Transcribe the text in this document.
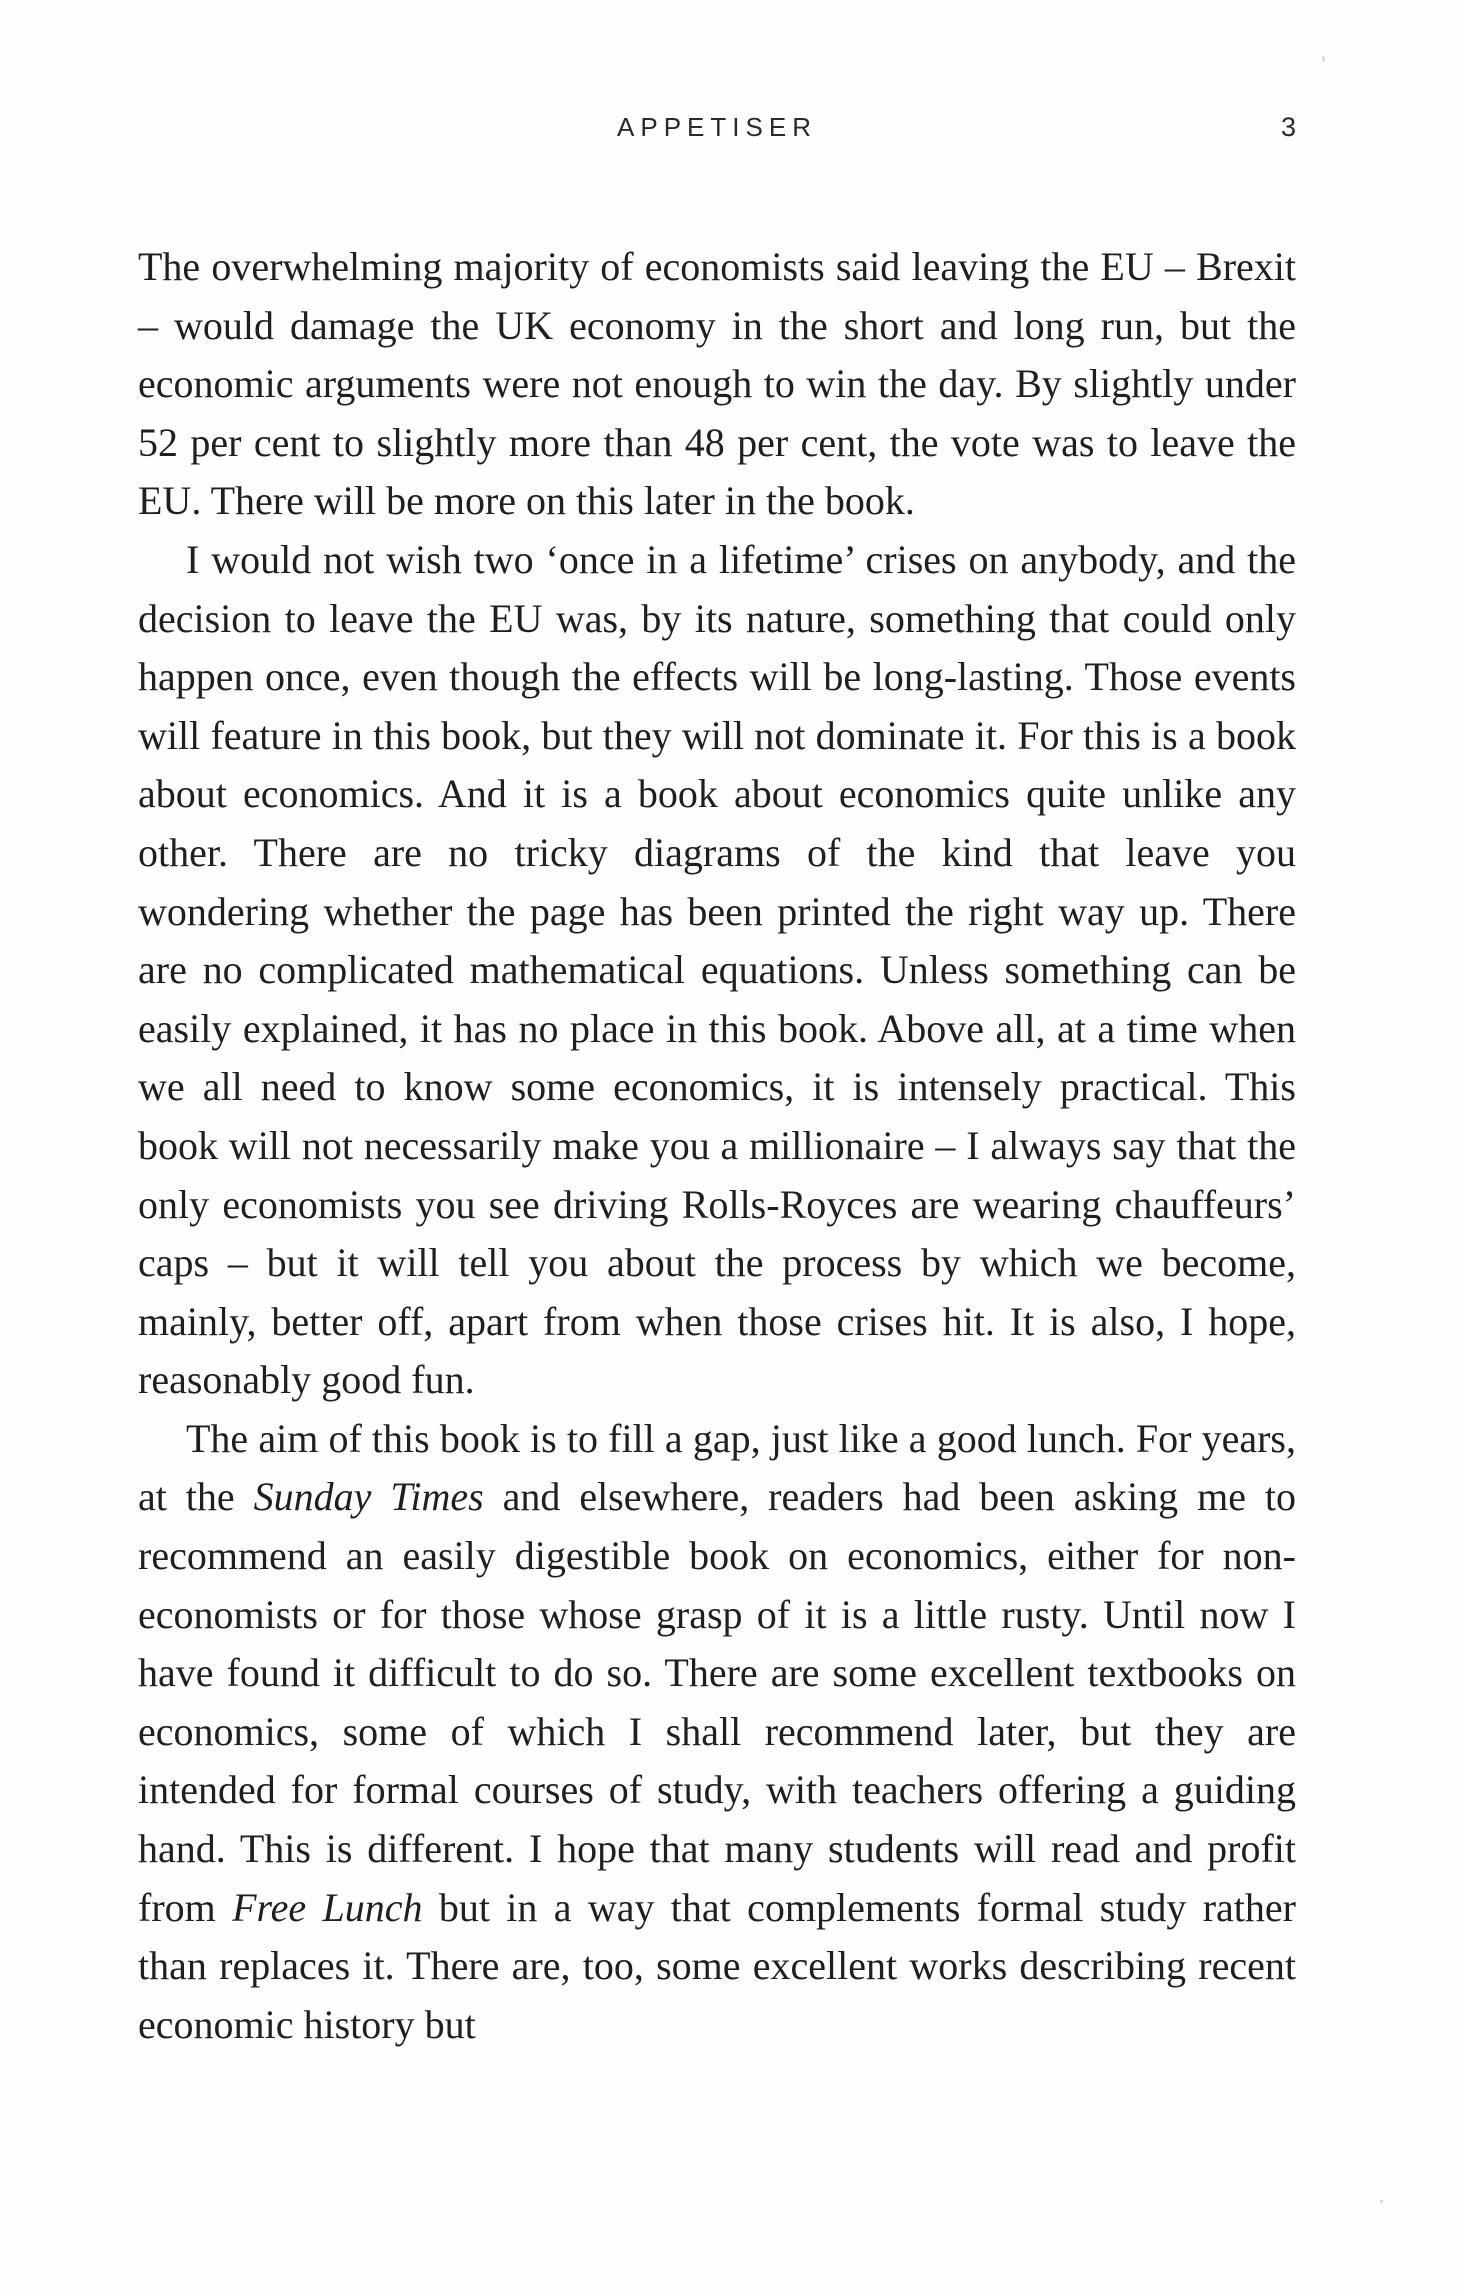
APPETISER	3

The overwhelming majority of economists said leaving the EU – Brexit – would damage the UK economy in the short and long run, but the economic arguments were not enough to win the day. By slightly under 52 per cent to slightly more than 48 per cent, the vote was to leave the EU. There will be more on this later in the book.

I would not wish two ‘once in a lifetime’ crises on anybody, and the decision to leave the EU was, by its nature, something that could only happen once, even though the effects will be long-lasting. Those events will feature in this book, but they will not dominate it. For this is a book about economics. And it is a book about economics quite unlike any other. There are no tricky diagrams of the kind that leave you wondering whether the page has been printed the right way up. There are no complicated mathematical equations. Unless something can be easily explained, it has no place in this book. Above all, at a time when we all need to know some economics, it is intensely practical. This book will not necessarily make you a millionaire – I always say that the only economists you see driving Rolls-Royces are wearing chauffeurs’ caps – but it will tell you about the process by which we become, mainly, better off, apart from when those crises hit. It is also, I hope, reasonably good fun.

The aim of this book is to fill a gap, just like a good lunch. For years, at the Sunday Times and elsewhere, readers had been asking me to recommend an easily digestible book on economics, either for non-economists or for those whose grasp of it is a little rusty. Until now I have found it difficult to do so. There are some excellent textbooks on economics, some of which I shall recommend later, but they are intended for formal courses of study, with teachers offering a guiding hand. This is different. I hope that many students will read and profit from Free Lunch but in a way that complements formal study rather than replaces it. There are, too, some excellent works describing recent economic history but
